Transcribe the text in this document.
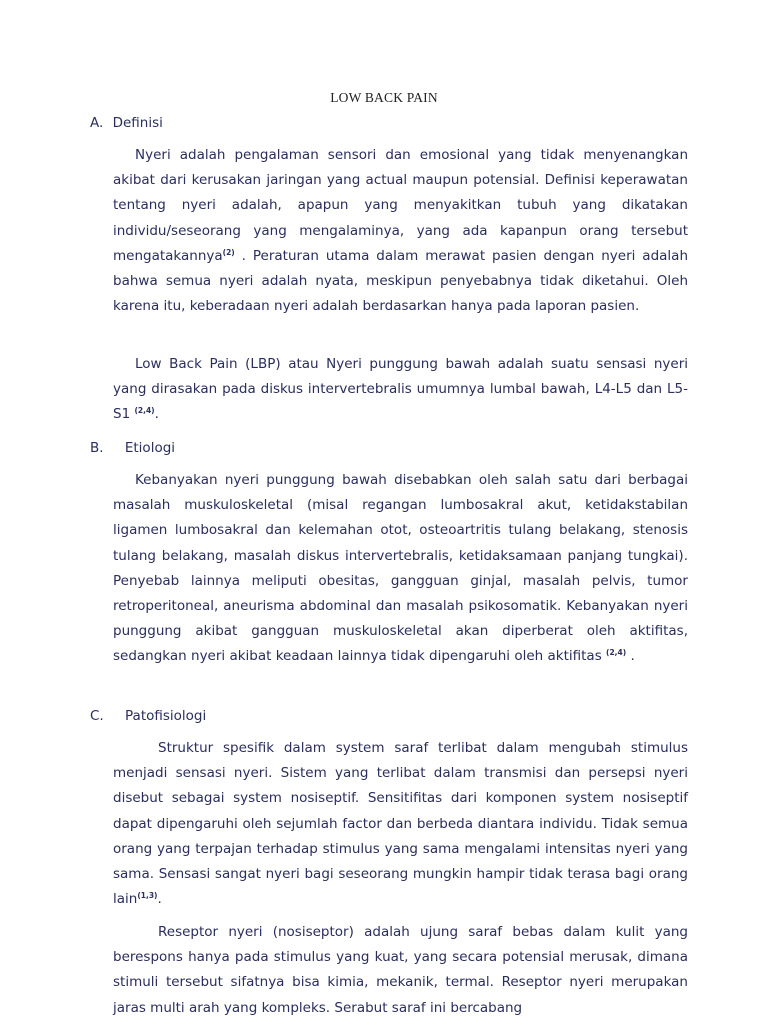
LOW BACK PAIN
A. Definisi
Nyeri adalah pengalaman sensori dan emosional yang tidak menyenangkan akibat dari kerusakan jaringan yang actual maupun potensial. Definisi keperawatan tentang nyeri adalah, apapun yang menyakitkan tubuh yang dikatakan individu/seseorang yang mengalaminya, yang ada kapanpun orang tersebut mengatakannya$^{(2)}$ . Peraturan utama dalam merawat pasien dengan nyeri adalah bahwa semua nyeri adalah nyata, meskipun penyebabnya tidak diketahui. Oleh karena itu, keberadaan nyeri adalah berdasarkan hanya pada laporan pasien.
Low Back Pain (LBP) atau Nyeri punggung bawah adalah suatu sensasi nyeri yang dirasakan pada diskus intervertebralis umumnya lumbal bawah, L4-L5 dan L5-S1 $^{(2,4)}$.
B. Etiologi
Kebanyakan nyeri punggung bawah disebabkan oleh salah satu dari berbagai masalah muskuloskeletal (misal regangan lumbosakral akut, ketidakstabilan ligamen lumbosakral dan kelemahan otot, osteoartritis tulang belakang, stenosis tulang belakang, masalah diskus intervertebralis, ketidaksamaan panjang tungkai). Penyebab lainnya meliputi obesitas, gangguan ginjal, masalah pelvis, tumor retroperitoneal, aneurisma abdominal dan masalah psikosomatik. Kebanyakan nyeri punggung akibat gangguan muskuloskeletal akan diperberat oleh aktifitas, sedangkan nyeri akibat keadaan lainnya tidak dipengaruhi oleh aktifitas $^{(2,4)}$ .
C. Patofisiologi
Struktur spesifik dalam system saraf terlibat dalam mengubah stimulus menjadi sensasi nyeri. Sistem yang terlibat dalam transmisi dan persepsi nyeri disebut sebagai system nosiseptif. Sensitifitas dari komponen system nosiseptif dapat dipengaruhi oleh sejumlah factor dan berbeda diantara individu. Tidak semua orang yang terpajan terhadap stimulus yang sama mengalami intensitas nyeri yang sama. Sensasi sangat nyeri bagi seseorang mungkin hampir tidak terasa bagi orang lain$^{(1,3)}$.
Reseptor nyeri (nosiseptor) adalah ujung saraf bebas dalam kulit yang berespons hanya pada stimulus yang kuat, yang secara potensial merusak, dimana stimuli tersebut sifatnya bisa kimia, mekanik, termal. Reseptor nyeri merupakan jaras multi arah yang kompleks. Serabut saraf ini bercabang
